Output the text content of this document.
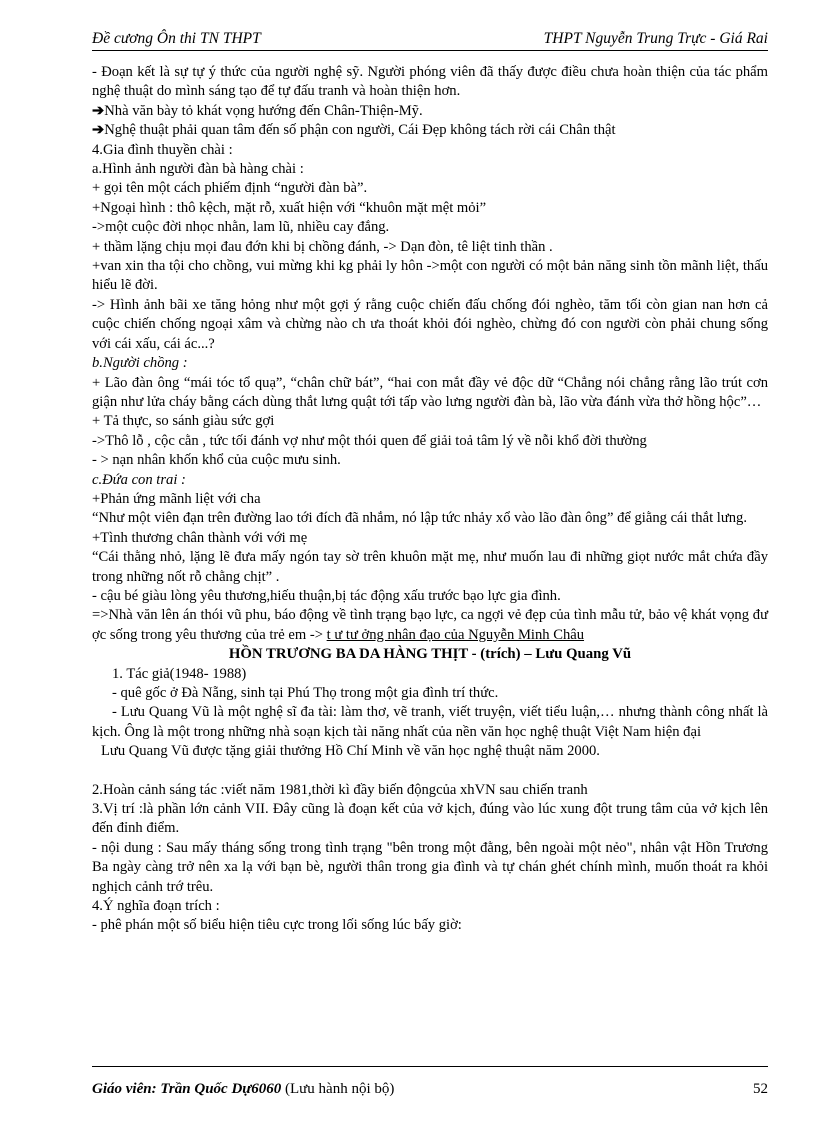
Đề cương Ôn thi TN THPT	THPT Nguyễn Trung Trực - Giá Rai

- Đoạn kết là sự tự ý thức của người nghệ sỹ. Người phóng viên đã thấy được điều chưa hoàn thiện của tác phẩm nghệ thuật do mình sáng tạo để tự đấu tranh và hoàn thiện hơn.

➔Nhà văn bày tỏ khát vọng hướng đến Chân-Thiện-Mỹ.

➔Nghệ thuật phải quan tâm đến số phận con người, Cái Đẹp không tách rời cái Chân thật

4.Gia đình thuyền chài :

a.Hình ảnh người đàn bà hàng chài :

+ gọi tên một cách phiếm định “người đàn bà”.

+Ngoại hình : thô kệch, mặt rỗ, xuất hiện với “khuôn mặt mệt mỏi”

->một cuộc đời nhọc nhằn, lam lũ, nhiều cay đắng.

+ thầm lặng chịu mọi đau đớn khi bị chồng đánh, -> Dạn đòn, tê liệt tinh thần .

+van xin tha tội cho chồng, vui mừng khi kg phải ly hôn ->một con người có một bản năng sinh tồn mãnh liệt, thấu hiểu lẽ đời.

-> Hình ảnh bãi xe tăng hỏng như một gợi ý rằng cuộc chiến đấu chống đói nghèo, tăm tối còn gian nan hơn cả cuộc chiến chống ngoại xâm và chừng nào ch ưa thoát khỏi đói nghèo, chừng đó con người còn phải chung sống với cái xấu, cái ác...?

b.Người chồng :

+ Lão đàn ông “mái tóc tổ quạ”, “chân chữ bát”, “hai con mắt đầy vẻ độc dữ “Chẳng nói chẳng rằng lão trút cơn giận như lửa cháy bằng cách dùng thắt lưng quật tới tấp vào lưng người đàn bà, lão vừa đánh vừa thở hồng hộc”…

+ Tả thực, so sánh giàu sức gợi

->Thô lỗ , cộc cằn , tức tối đánh vợ như một thói quen để giải toả tâm lý về nỗi khổ đời thường

- > nạn nhân khốn khổ của cuộc mưu sinh.

c.Đứa con trai :

+Phản ứng mãnh liệt với cha

“Như một viên đạn trên đường lao tới đích đã nhắm, nó lập tức nhảy xổ vào lão đàn ông” để giằng cái thắt lưng.

+Tình thương chân thành với với mẹ

“Cái thằng nhỏ, lặng lẽ đưa mấy ngón tay sờ trên khuôn mặt mẹ, như muốn lau đi những giọt nước mắt chứa đầy trong những nốt rỗ chằng chịt” .

- cậu bé giàu lòng yêu thương,hiếu thuận,bị tác động xấu trước bạo lực gia đình.

=>Nhà văn lên án thói vũ phu, báo động về tình trạng bạo lực, ca ngợi vẻ đẹp của tình mẫu tử, bảo vệ khát vọng đư ợc sống trong yêu thương của trẻ em -> t ư tư ởng nhân đạo của Nguyễn Minh Châu

HỒN TRƯƠNG BA DA HÀNG THỊT - (trích) – Lưu Quang Vũ

1. Tác giả(1948- 1988)

- quê gốc ở Đà Nẵng, sinh tại Phú Thọ trong một gia đình trí thức.

- Lưu Quang Vũ là một nghệ sĩ đa tài: làm thơ, vẽ tranh, viết truyện, viết tiểu luận,… nhưng thành công nhất là kịch. Ông là một trong những nhà soạn kịch tài năng nhất của nền văn học nghệ thuật Việt Nam hiện đại

Lưu Quang Vũ được tặng giải thưởng Hồ Chí Minh về văn học nghệ thuật năm 2000.

2.Hoàn cảnh sáng tác :viết năm 1981,thời kì đầy biến độngcủa xhVN sau chiến tranh

3.Vị trí :là phần lớn cảnh VII. Đây cũng là đoạn kết của vở kịch, đúng vào lúc xung đột trung tâm của vở kịch lên đến đỉnh điểm.

- nội dung : Sau mấy tháng sống trong tình trạng "bên trong một đằng, bên ngoài một nẻo", nhân vật Hồn Trương Ba ngày càng trở nên xa lạ với bạn bè, người thân trong gia đình và tự chán ghét chính mình, muốn thoát ra khỏi nghịch cảnh trớ trêu.

4.Ý nghĩa đoạn trích :

- phê phán một số biểu hiện tiêu cực trong lối sống lúc bấy giờ:

Giáo viên: Trần Quốc Dự6060 (Lưu hành nội bộ)	52
